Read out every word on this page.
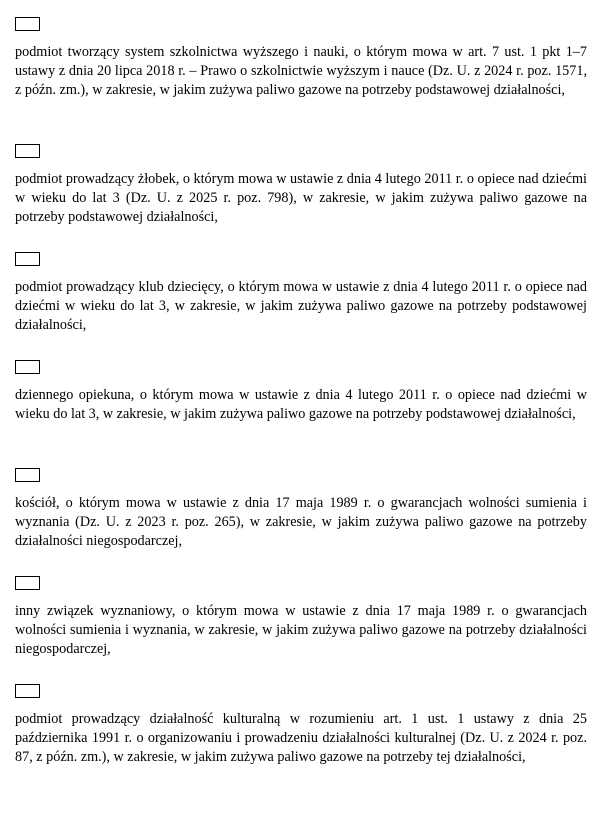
podmiot tworzący system szkolnictwa wyższego i nauki, o którym mowa w art. 7 ust. 1 pkt 1–7 ustawy z dnia 20 lipca 2018 r. – Prawo o szkolnictwie wyższym i nauce (Dz. U. z 2024 r. poz. 1571, z późn. zm.), w zakresie, w jakim zużywa paliwo gazowe na potrzeby podstawowej działalności,

podmiot prowadzący żłobek, o którym mowa w ustawie z dnia 4 lutego 2011 r. o opiece nad dziećmi w wieku do lat 3 (Dz. U. z 2025 r. poz. 798), w zakresie, w jakim zużywa paliwo gazowe na potrzeby podstawowej działalności,

podmiot prowadzący klub dziecięcy, o którym mowa w ustawie z dnia 4 lutego 2011 r. o opiece nad dziećmi w wieku do lat 3, w zakresie, w jakim zużywa paliwo gazowe na potrzeby podstawowej działalności,

dziennego opiekuna, o którym mowa w ustawie z dnia 4 lutego 2011 r. o opiece nad dziećmi w wieku do lat 3, w zakresie, w jakim zużywa paliwo gazowe na potrzeby podstawowej działalności,

kościół, o którym mowa w ustawie z dnia 17 maja 1989 r. o gwarancjach wolności sumienia i wyznania (Dz. U. z 2023 r. poz. 265), w zakresie, w jakim zużywa paliwo gazowe na potrzeby działalności niegospodarczej,

inny związek wyznaniowy, o którym mowa w ustawie z dnia 17 maja 1989 r. o gwarancjach wolności sumienia i wyznania, w zakresie, w jakim zużywa paliwo gazowe na potrzeby działalności niegospodarczej,

podmiot prowadzący działalność kulturalną w rozumieniu art. 1 ust. 1 ustawy z dnia 25 października 1991 r. o organizowaniu i prowadzeniu działalności kulturalnej (Dz. U. z 2024 r. poz. 87, z późn. zm.), w zakresie, w jakim zużywa paliwo gazowe na potrzeby tej działalności,
